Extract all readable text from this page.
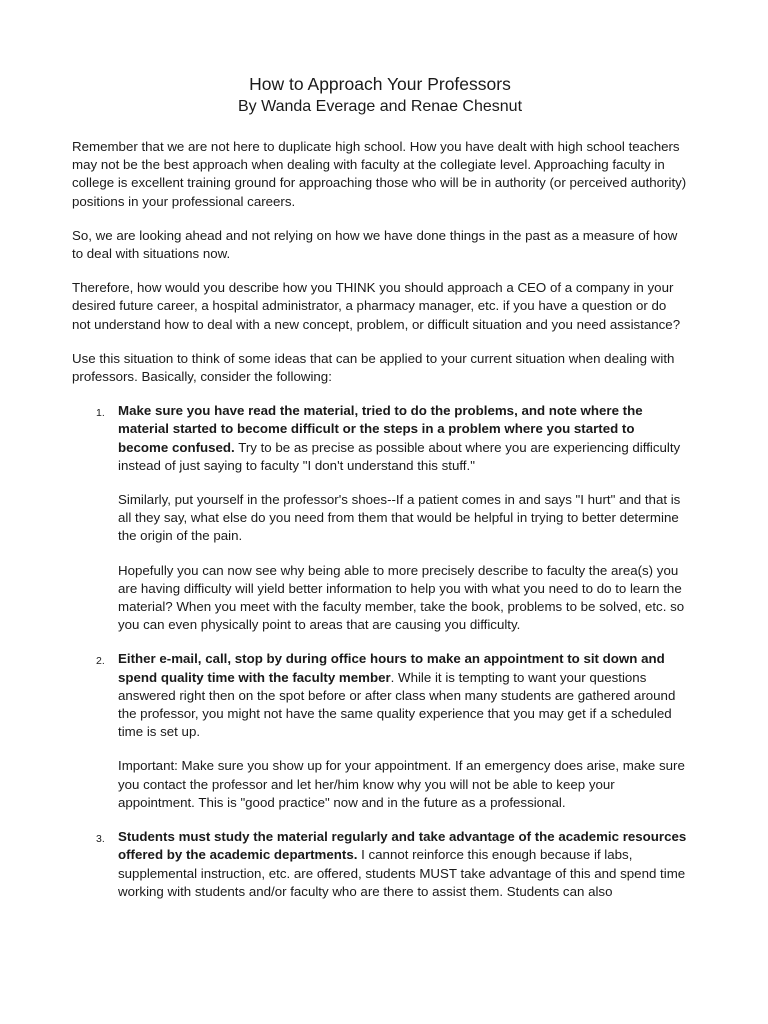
How to Approach Your Professors
By Wanda Everage and Renae Chesnut

Remember that we are not here to duplicate high school. How you have dealt with high school teachers may not be the best approach when dealing with faculty at the collegiate level. Approaching faculty in college is excellent training ground for approaching those who will be in authority (or perceived authority) positions in your professional careers.

So, we are looking ahead and not relying on how we have done things in the past as a measure of how to deal with situations now.

Therefore, how would you describe how you THINK you should approach a CEO of a company in your desired future career, a hospital administrator, a pharmacy manager, etc. if you have a question or do not understand how to deal with a new concept, problem, or difficult situation and you need assistance?

Use this situation to think of some ideas that can be applied to your current situation when dealing with professors. Basically, consider the following:

1. Make sure you have read the material, tried to do the problems, and note where the material started to become difficult or the steps in a problem where you started to become confused. Try to be as precise as possible about where you are experiencing difficulty instead of just saying to faculty "I don't understand this stuff."

Similarly, put yourself in the professor's shoes--If a patient comes in and says "I hurt" and that is all they say, what else do you need from them that would be helpful in trying to better determine the origin of the pain.

Hopefully you can now see why being able to more precisely describe to faculty the area(s) you are having difficulty will yield better information to help you with what you need to do to learn the material? When you meet with the faculty member, take the book, problems to be solved, etc. so you can even physically point to areas that are causing you difficulty.

2. Either e-mail, call, stop by during office hours to make an appointment to sit down and spend quality time with the faculty member. While it is tempting to want your questions answered right then on the spot before or after class when many students are gathered around the professor, you might not have the same quality experience that you may get if a scheduled time is set up.

Important: Make sure you show up for your appointment. If an emergency does arise, make sure you contact the professor and let her/him know why you will not be able to keep your appointment. This is "good practice" now and in the future as a professional.

3. Students must study the material regularly and take advantage of the academic resources offered by the academic departments. I cannot reinforce this enough because if labs, supplemental instruction, etc. are offered, students MUST take advantage of this and spend time working with students and/or faculty who are there to assist them. Students can also
